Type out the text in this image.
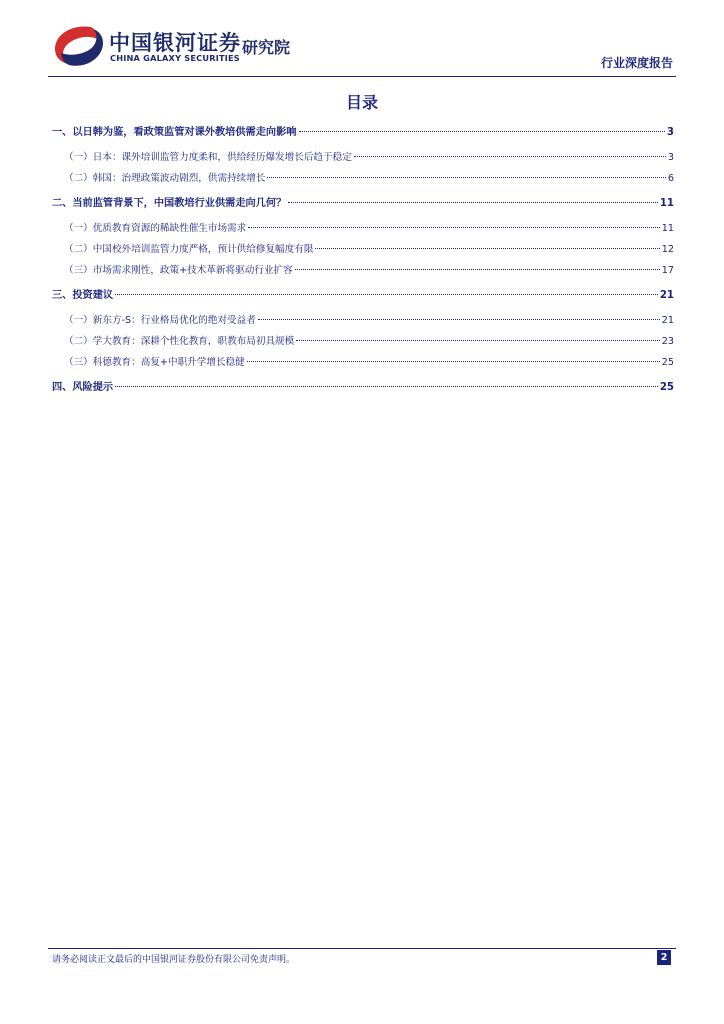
中国银河证券
CHINA GALAXY SECURITIES
研究院
行业深度报告
目录
一、以日韩为鉴，看政策监管对课外教培供需走向影响	3
（一）日本：课外培训监管力度柔和，供给经历爆发增长后趋于稳定	3
（二）韩国：治理政策波动剧烈，供需持续增长	6
二、当前监管背景下，中国教培行业供需走向几何？	11
（一）优质教育资源的稀缺性催生市场需求	11
（二）中国校外培训监管力度严格，预计供给修复幅度有限	12
（三）市场需求刚性，政策+技术革新将驱动行业扩容	17
三、投资建议	21
（一）新东方-S：行业格局优化的绝对受益者	21
（二）学大教育：深耕个性化教育，职教布局初具规模	23
（三）科德教育：高复+中职升学增长稳健	25
四、风险提示	25
请务必阅读正文最后的中国银河证券股份有限公司免责声明。	2
